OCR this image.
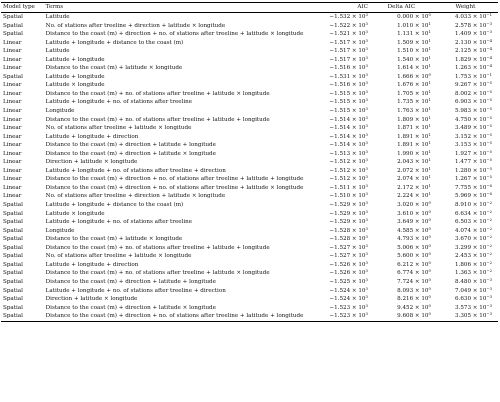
Model type	Terms	AIC	Delta AIC	Weight
Spatial	Latitude	$-1.532 \times 10^3$	$0.000 \times 10^0$	$4.033 \times 10^{-1}$
Spatial	No. of stations after treeline + direction + latitude × longitude	$-1.522 \times 10^3$	$1.010 \times 10^1$	$2.578 \times 10^{-3}$
Spatial	Distance to the coast (m) + direction + no. of stations after treeline + latitude × longitude	$-1.521 \times 10^3$	$1.131 \times 10^1$	$1.409 \times 10^{-3}$
Linear	Latitude + longitude + distance to the coast (m)	$-1.517 \times 10^3$	$1.509 \times 10^1$	$2.130 \times 10^{-4}$
Linear	Latitude	$-1.517 \times 10^3$	$1.510 \times 10^1$	$2.125 \times 10^{-4}$
Linear	Latitude + longitude	$-1.517 \times 10^3$	$1.540 \times 10^1$	$1.829 \times 10^{-4}$
Linear	Distance to the coast (m) + latitude × longitude	$-1.516 \times 10^3$	$1.614 \times 10^1$	$1.263 \times 10^{-4}$
Spatial	Latitude + longitude	$-1.531 \times 10^3$	$1.666 \times 10^0$	$1.753 \times 10^{-1}$
Linear	Latitude × longitude	$-1.516 \times 10^3$	$1.676 \times 10^1$	$9.267 \times 10^{-5}$
Linear	Distance to the coast (m) + no. of stations after treeline + latitude × longitude	$-1.515 \times 10^3$	$1.705 \times 10^1$	$8.002 \times 10^{-5}$
Linear	Latitude + longitude + no. of stations after treeline	$-1.515 \times 10^3$	$1.735 \times 10^1$	$6.903 \times 10^{-5}$
Linear	Longitude	$-1.515 \times 10^3$	$1.763 \times 10^1$	$5.983 \times 10^{-5}$
Linear	Distance to the coast (m) + no. of stations after treeline + latitude + longitude	$-1.514 \times 10^3$	$1.809 \times 10^1$	$4.750 \times 10^{-5}$
Linear	No. of stations after treeline + latitude × longitude	$-1.514 \times 10^3$	$1.871 \times 10^1$	$3.489 \times 10^{-5}$
Linear	Latitude + longitude + direction	$-1.514 \times 10^3$	$1.891 \times 10^1$	$3.152 \times 10^{-5}$
Linear	Distance to the coast (m) + direction + latitude + longitude	$-1.514 \times 10^3$	$1.891 \times 10^1$	$3.153 \times 10^{-5}$
Linear	Distance to the coast (m) + direction + latitude × longitude	$-1.513 \times 10^3$	$1.990 \times 10^1$	$1.927 \times 10^{-5}$
Linear	Direction + latitude × longitude	$-1.512 \times 10^3$	$2.043 \times 10^1$	$1.477 \times 10^{-5}$
Linear	Latitude + longitude + no. of stations after treeline + direction	$-1.512 \times 10^3$	$2.072 \times 10^1$	$1.280 \times 10^{-5}$
Linear	Distance to the coast (m) + direction + no. of stations after treeline + latitude + longitude	$-1.512 \times 10^3$	$2.074 \times 10^1$	$1.267 \times 10^{-5}$
Linear	Distance to the coast (m) + direction + no. of stations after treeline + latitude × longitude	$-1.511 \times 10^3$	$2.172 \times 10^1$	$7.755 \times 10^{-6}$
Linear	No. of stations after treeline + direction + latitude × longitude	$-1.510 \times 10^3$	$2.224 \times 10^1$	$5.969 \times 10^{-6}$
Spatial	Latitude + longitude + distance to the coast (m)	$-1.529 \times 10^3$	$3.020 \times 10^0$	$8.910 \times 10^{-2}$
Spatial	Latitude × longitude	$-1.529 \times 10^3$	$3.610 \times 10^0$	$6.634 \times 10^{-2}$
Spatial	Latitude + longitude + no. of stations after treeline	$-1.529 \times 10^3$	$3.649 \times 10^0$	$6.503 \times 10^{-2}$
Spatial	Longitude	$-1.528 \times 10^3$	$4.585 \times 10^0$	$4.074 \times 10^{-2}$
Spatial	Distance to the coast (m) + latitude × longitude	$-1.528 \times 10^3$	$4.793 \times 10^0$	$3.670 \times 10^{-2}$
Spatial	Distance to the coast (m) + no. of stations after treeline + latitude + longitude	$-1.527 \times 10^3$	$5.006 \times 10^0$	$3.299 \times 10^{-2}$
Spatial	No. of stations after treeline + latitude × longitude	$-1.527 \times 10^3$	$5.600 \times 10^0$	$2.453 \times 10^{-2}$
Spatial	Latitude + longitude + direction	$-1.526 \times 10^3$	$6.212 \times 10^0$	$1.806 \times 10^{-2}$
Spatial	Distance to the coast (m) + no. of stations after treeline + latitude × longitude	$-1.526 \times 10^3$	$6.774 \times 10^0$	$1.363 \times 10^{-2}$
Spatial	Distance to the coast (m) + direction + latitude + longitude	$-1.525 \times 10^3$	$7.724 \times 10^0$	$8.480 \times 10^{-3}$
Spatial	Latitude + longitude + no. of stations after treeline + direction	$-1.524 \times 10^3$	$8.093 \times 10^0$	$7.049 \times 10^{-3}$
Spatial	Direction + latitude × longitude	$-1.524 \times 10^3$	$8.216 \times 10^0$	$6.630 \times 10^{-3}$
Spatial	Distance to the coast (m) + direction + latitude × longitude	$-1.523 \times 10^3$	$9.452 \times 10^0$	$3.573 \times 10^{-3}$
Spatial	Distance to the coast (m) + direction + no. of stations after treeline + latitude + longitude	$-1.523 \times 10^3$	$9.608 \times 10^0$	$3.305 \times 10^{-3}$
